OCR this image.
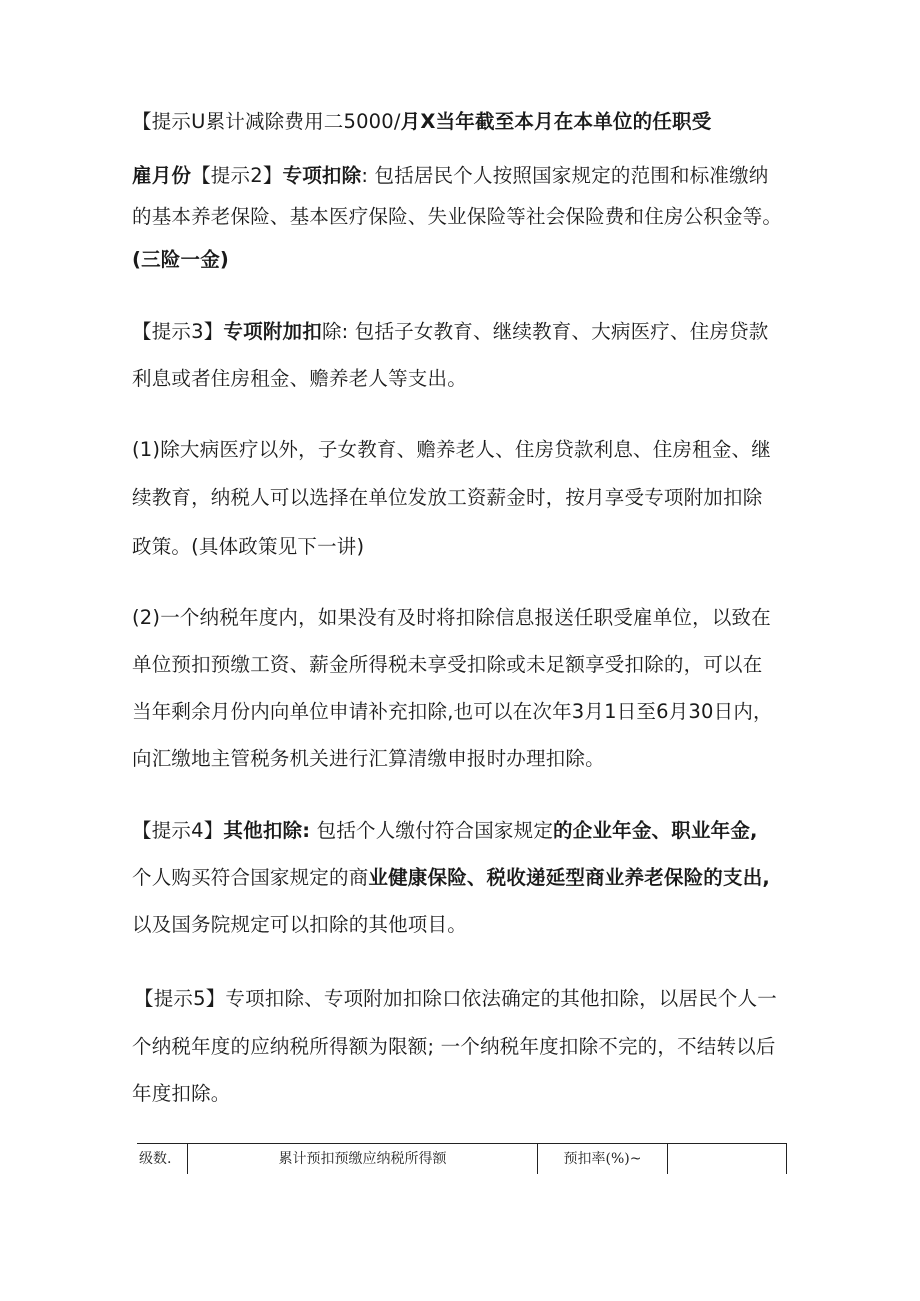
【提示U累计减除费用二5000/月X当年截至本月在本单位的任职受
雇月份【提示2】专项扣除: 包括居民个人按照国家规定的范围和标准缴纳
的基本养老保险、基本医疗保险、失业保险等社会保险费和住房公积金等。
(三险一金)
【提示3】专项附加扣除: 包括子女教育、继续教育、大病医疗、住房贷款
利息或者住房租金、赡养老人等支出。
(1)除大病医疗以外，子女教育、赡养老人、住房贷款利息、住房租金、继
续教育，纳税人可以选择在单位发放工资薪金时，按月享受专项附加扣除
政策。(具体政策见下一讲)
(2)一个纳税年度内，如果没有及时将扣除信息报送任职受雇单位，以致在
单位预扣预缴工资、薪金所得税未享受扣除或未足额享受扣除的，可以在
当年剩余月份内向单位申请补充扣除,也可以在次年3月1日至6月30日内，
向汇缴地主管税务机关进行汇算清缴申报时办理扣除。
【提示4】其他扣除: 包括个人缴付符合国家规定的企业年金、职业年金,
个人购买符合国家规定的商业健康保险、税收递延型商业养老保险的支出,
以及国务院规定可以扣除的其他项目。
【提示5】专项扣除、专项附加扣除口依法确定的其他扣除，以居民个人一
个纳税年度的应纳税所得额为限额; 一个纳税年度扣除不完的，不结转以后
年度扣除。
级数.	累计预扣预缴应纳税所得额	预扣率(%)~
